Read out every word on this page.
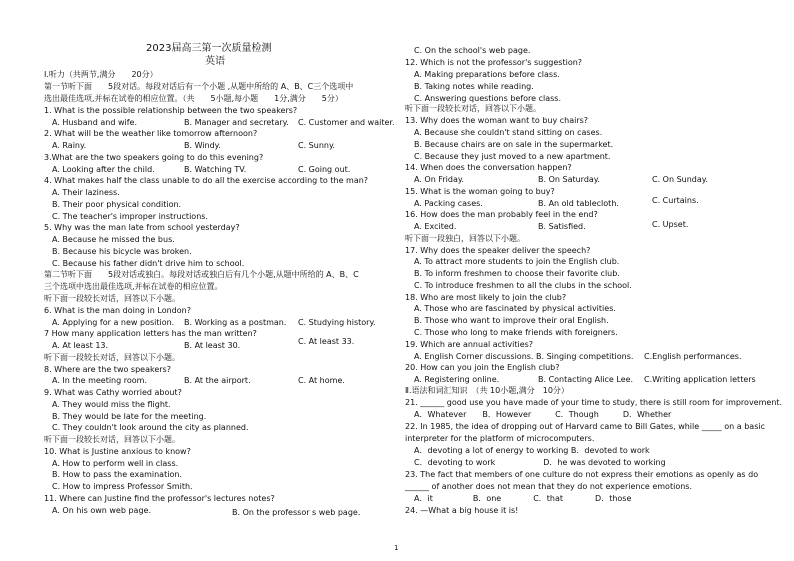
2023届高三第一次质量检测
英语
Ⅰ.听力（共两节,满分　　20分）
第一节听下面　　5段对话。每段对话后有一个小题 ,从题中所给的 A、B、C三个选项中
选出最佳选项,并标在试卷的相应位置。（共　　5小题,每小题　　1分,满分　　5分）
1. What is the possible relationship between the two speakers?
A. Husband and wife.	B. Manager and secretary. C. Customer and waiter.
2. What will be the weather like tomorrow afternoon?
A. Rainy.	B. Windy.	C. Sunny.
3.What are the two speakers going to do this evening?
A. Looking after the child.	B. Watching TV.	C. Going out.
4. What makes half the class unable to do all the exercise according to the man?
A. Their laziness.
B. Their poor physical condition.
C. The teacher's improper instructions.
5. Why was the man late from school yesterday?
A. Because he missed the bus.
B. Because his bicycle was broken.
C. Because his father didn't drive him to school.
第二节听下面　　5段对话或独白。每段对话或独白后有几个小题,从题中所给的 A、B、C
三个选项中选出最佳选项,并标在试卷的相应位置。
听下面一段较长对话，回答以下小题。
6. What is the man doing in London?
A. Applying for a new position. B. Working as a postman. C. Studying history.
7 How many application letters has the man written?
C. At least 33.
A. At least 13.	B. At least 30.
听下面一段较长对话，回答以下小题。
8. Where are the two speakers?
A. In the meeting room.	B. At the airport.	C. At home.
9. What was Cathy worried about?
A. They would miss the flight.
B. They would be late for the meeting.
C. They couldn't look around the city as planned.
听下面一段较长对话，回答以下小题。
10. What is Justine anxious to know?
A. How to perform well in class.
B. How to pass the examination.
C. How to impress Professor Smith.
11. Where can Justine find the professor's lectures notes?
A. On his own web page.	B. On the professor s web page.
C. On the school's web page.
12. Which is not the professor's suggestion?
A. Making preparations before class.
B. Taking notes while reading.
C. Answering questions before class.
听下面一段较长对话，回答以下小题。
13. Why does the woman want to buy chairs?
A. Because she couldn't stand sitting on cases.
B. Because chairs are on sale in the supermarket.
C. Because they just moved to a new apartment.
14. When does the conversation happen?
A. On Friday.	B. On Saturday.	C. On Sunday.
15. What is the woman going to buy?
C. Curtains.
A. Packing cases.	B. An old tablecloth.
16. How does the man probably feel in the end?
C. Upset.
A. Excited.	B. Satisfied.
听下面一段独白，回答以下小题。
17. Why does the speaker deliver the speech?
A. To attract more students to join the English club.
B. To inform freshmen to choose their favorite club.
C. To introduce freshmen to all the clubs in the school.
18. Who are most likely to join the club?
A. Those who are fascinated by physical activities.
B. Those who want to improve their oral English.
C. Those who long to make friends with foreigners.
19. Which are annual activities?
A. English Corner discussions. B. Singing competitions. C.English performances.
20. How can you join the English club?
A. Registering online.	B. Contacting Alice Lee. C.Writing application letters
Ⅱ.语法和词汇知识　（共 10小题,满分　10分）
21. ______ good use you have made of your time to study, there is still room for improvement.
A．Whatever　　B．However　　　C．Though　　　D．Whether
22. In 1985, the idea of dropping out of Harvard came to Bill Gates, while _____ on a basic
interpreter for the platform of microcomputers.
A．devoting a lot of energy to working B．devoted to work
C．devoting to work　　　　　　D．he was devoted to working
23. The fact that members of one culture do not express their emotions as openly as do
______ of another does not mean that they do not experience emotions.
A．it　　　　　B．one　　　　C．that　　　　D．those
24. —What a big house it is!
1
